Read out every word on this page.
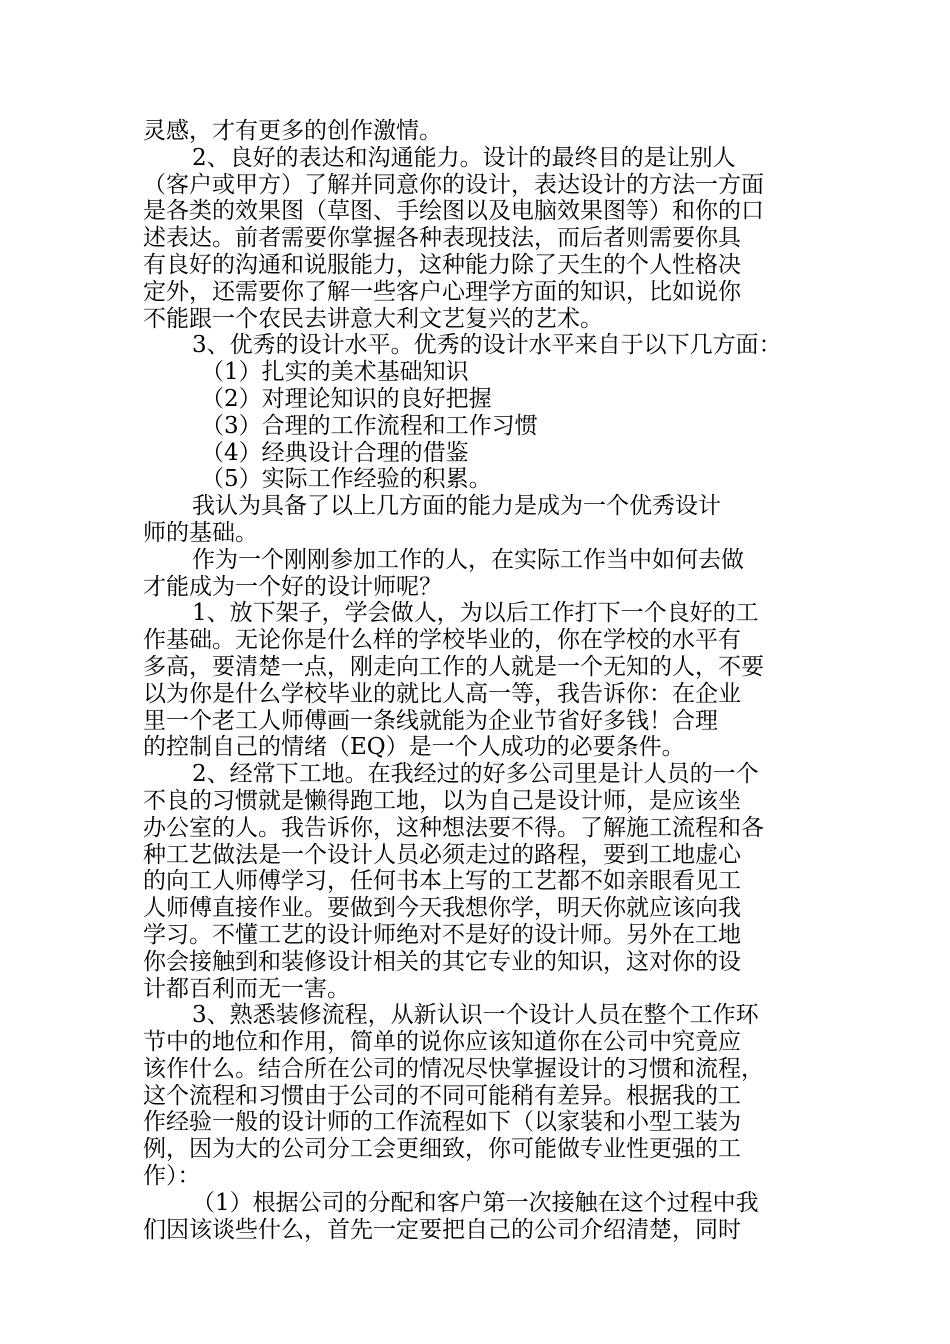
灵感，才有更多的创作激情。
2、良好的表达和沟通能力。设计的最终目的是让别人
（客户或甲方）了解并同意你的设计，表达设计的方法一方面
是各类的效果图（草图、手绘图以及电脑效果图等）和你的口
述表达。前者需要你掌握各种表现技法，而后者则需要你具
有良好的沟通和说服能力，这种能力除了天生的个人性格决
定外，还需要你了解一些客户心理学方面的知识，比如说你
不能跟一个农民去讲意大利文艺复兴的艺术。
3、优秀的设计水平。优秀的设计水平来自于以下几方面：
（1）扎实的美术基础知识
（2）对理论知识的良好把握
（3）合理的工作流程和工作习惯
（4）经典设计合理的借鉴
（5）实际工作经验的积累。
我认为具备了以上几方面的能力是成为一个优秀设计
师的基础。
作为一个刚刚参加工作的人，在实际工作当中如何去做
才能成为一个好的设计师呢？
1、放下架子，学会做人，为以后工作打下一个良好的工
作基础。无论你是什么样的学校毕业的，你在学校的水平有
多高，要清楚一点，刚走向工作的人就是一个无知的人，不要
以为你是什么学校毕业的就比人高一等，我告诉你：在企业
里一个老工人师傅画一条线就能为企业节省好多钱！合理
的控制自己的情绪（EQ）是一个人成功的必要条件。
2、经常下工地。在我经过的好多公司里是计人员的一个
不良的习惯就是懒得跑工地，以为自己是设计师，是应该坐
办公室的人。我告诉你，这种想法要不得。了解施工流程和各
种工艺做法是一个设计人员必须走过的路程，要到工地虚心
的向工人师傅学习，任何书本上写的工艺都不如亲眼看见工
人师傅直接作业。要做到今天我想你学，明天你就应该向我
学习。不懂工艺的设计师绝对不是好的设计师。另外在工地
你会接触到和装修设计相关的其它专业的知识，这对你的设
计都百利而无一害。
3、熟悉装修流程，从新认识一个设计人员在整个工作环
节中的地位和作用，简单的说你应该知道你在公司中究竟应
该作什么。结合所在公司的情况尽快掌握设计的习惯和流程，
这个流程和习惯由于公司的不同可能稍有差异。根据我的工
作经验一般的设计师的工作流程如下（以家装和小型工装为
例，因为大的公司分工会更细致，你可能做专业性更强的工
作）：
（1）根据公司的分配和客户第一次接触在这个过程中我
们因该谈些什么，首先一定要把自己的公司介绍清楚，同时
